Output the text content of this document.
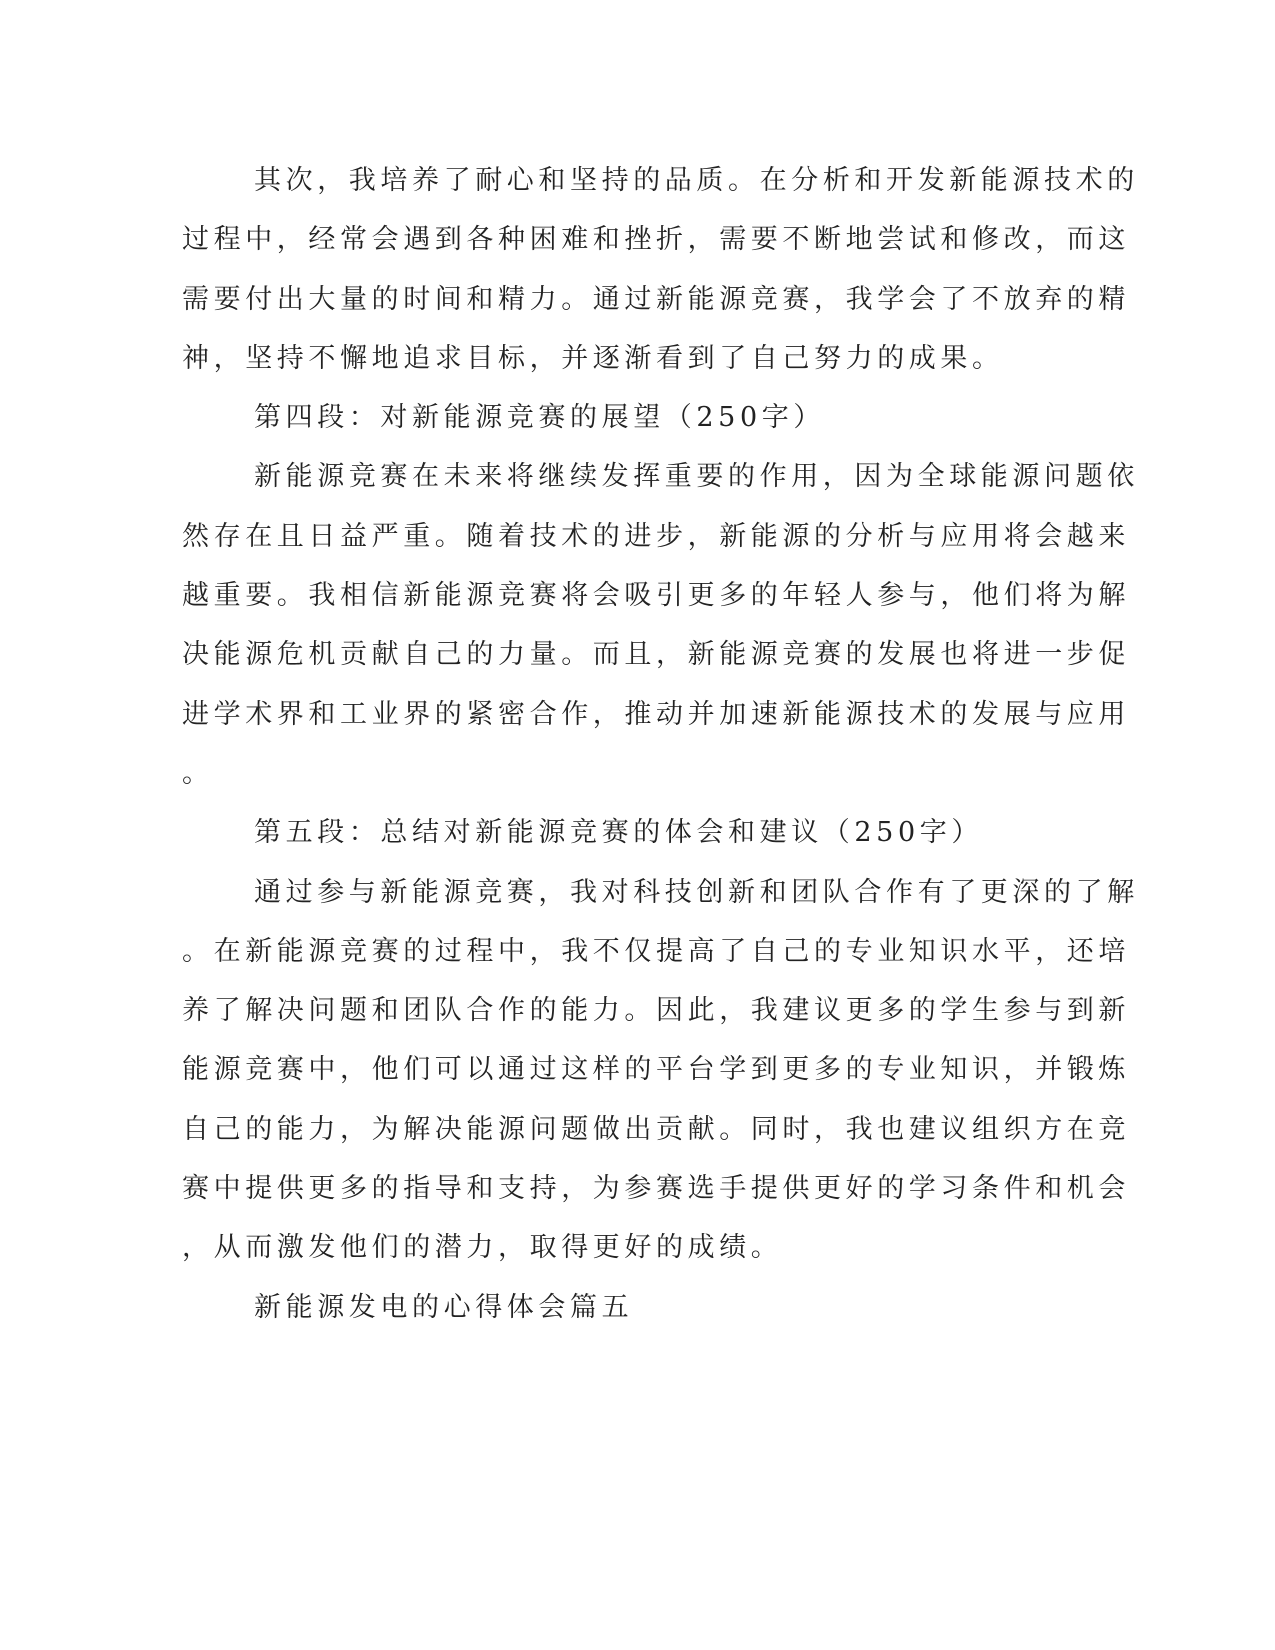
其次，我培养了耐心和坚持的品质。在分析和开发新能源技术的
过程中，经常会遇到各种困难和挫折，需要不断地尝试和修改，而这
需要付出大量的时间和精力。通过新能源竞赛，我学会了不放弃的精
神，坚持不懈地追求目标，并逐渐看到了自己努力的成果。
第四段：对新能源竞赛的展望（250字）
新能源竞赛在未来将继续发挥重要的作用，因为全球能源问题依
然存在且日益严重。随着技术的进步，新能源的分析与应用将会越来
越重要。我相信新能源竞赛将会吸引更多的年轻人参与，他们将为解
决能源危机贡献自己的力量。而且，新能源竞赛的发展也将进一步促
进学术界和工业界的紧密合作，推动并加速新能源技术的发展与应用
。
第五段：总结对新能源竞赛的体会和建议（250字）
通过参与新能源竞赛，我对科技创新和团队合作有了更深的了解
。在新能源竞赛的过程中，我不仅提高了自己的专业知识水平，还培
养了解决问题和团队合作的能力。因此，我建议更多的学生参与到新
能源竞赛中，他们可以通过这样的平台学到更多的专业知识，并锻炼
自己的能力，为解决能源问题做出贡献。同时，我也建议组织方在竞
赛中提供更多的指导和支持，为参赛选手提供更好的学习条件和机会
，从而激发他们的潜力，取得更好的成绩。
新能源发电的心得体会篇五
